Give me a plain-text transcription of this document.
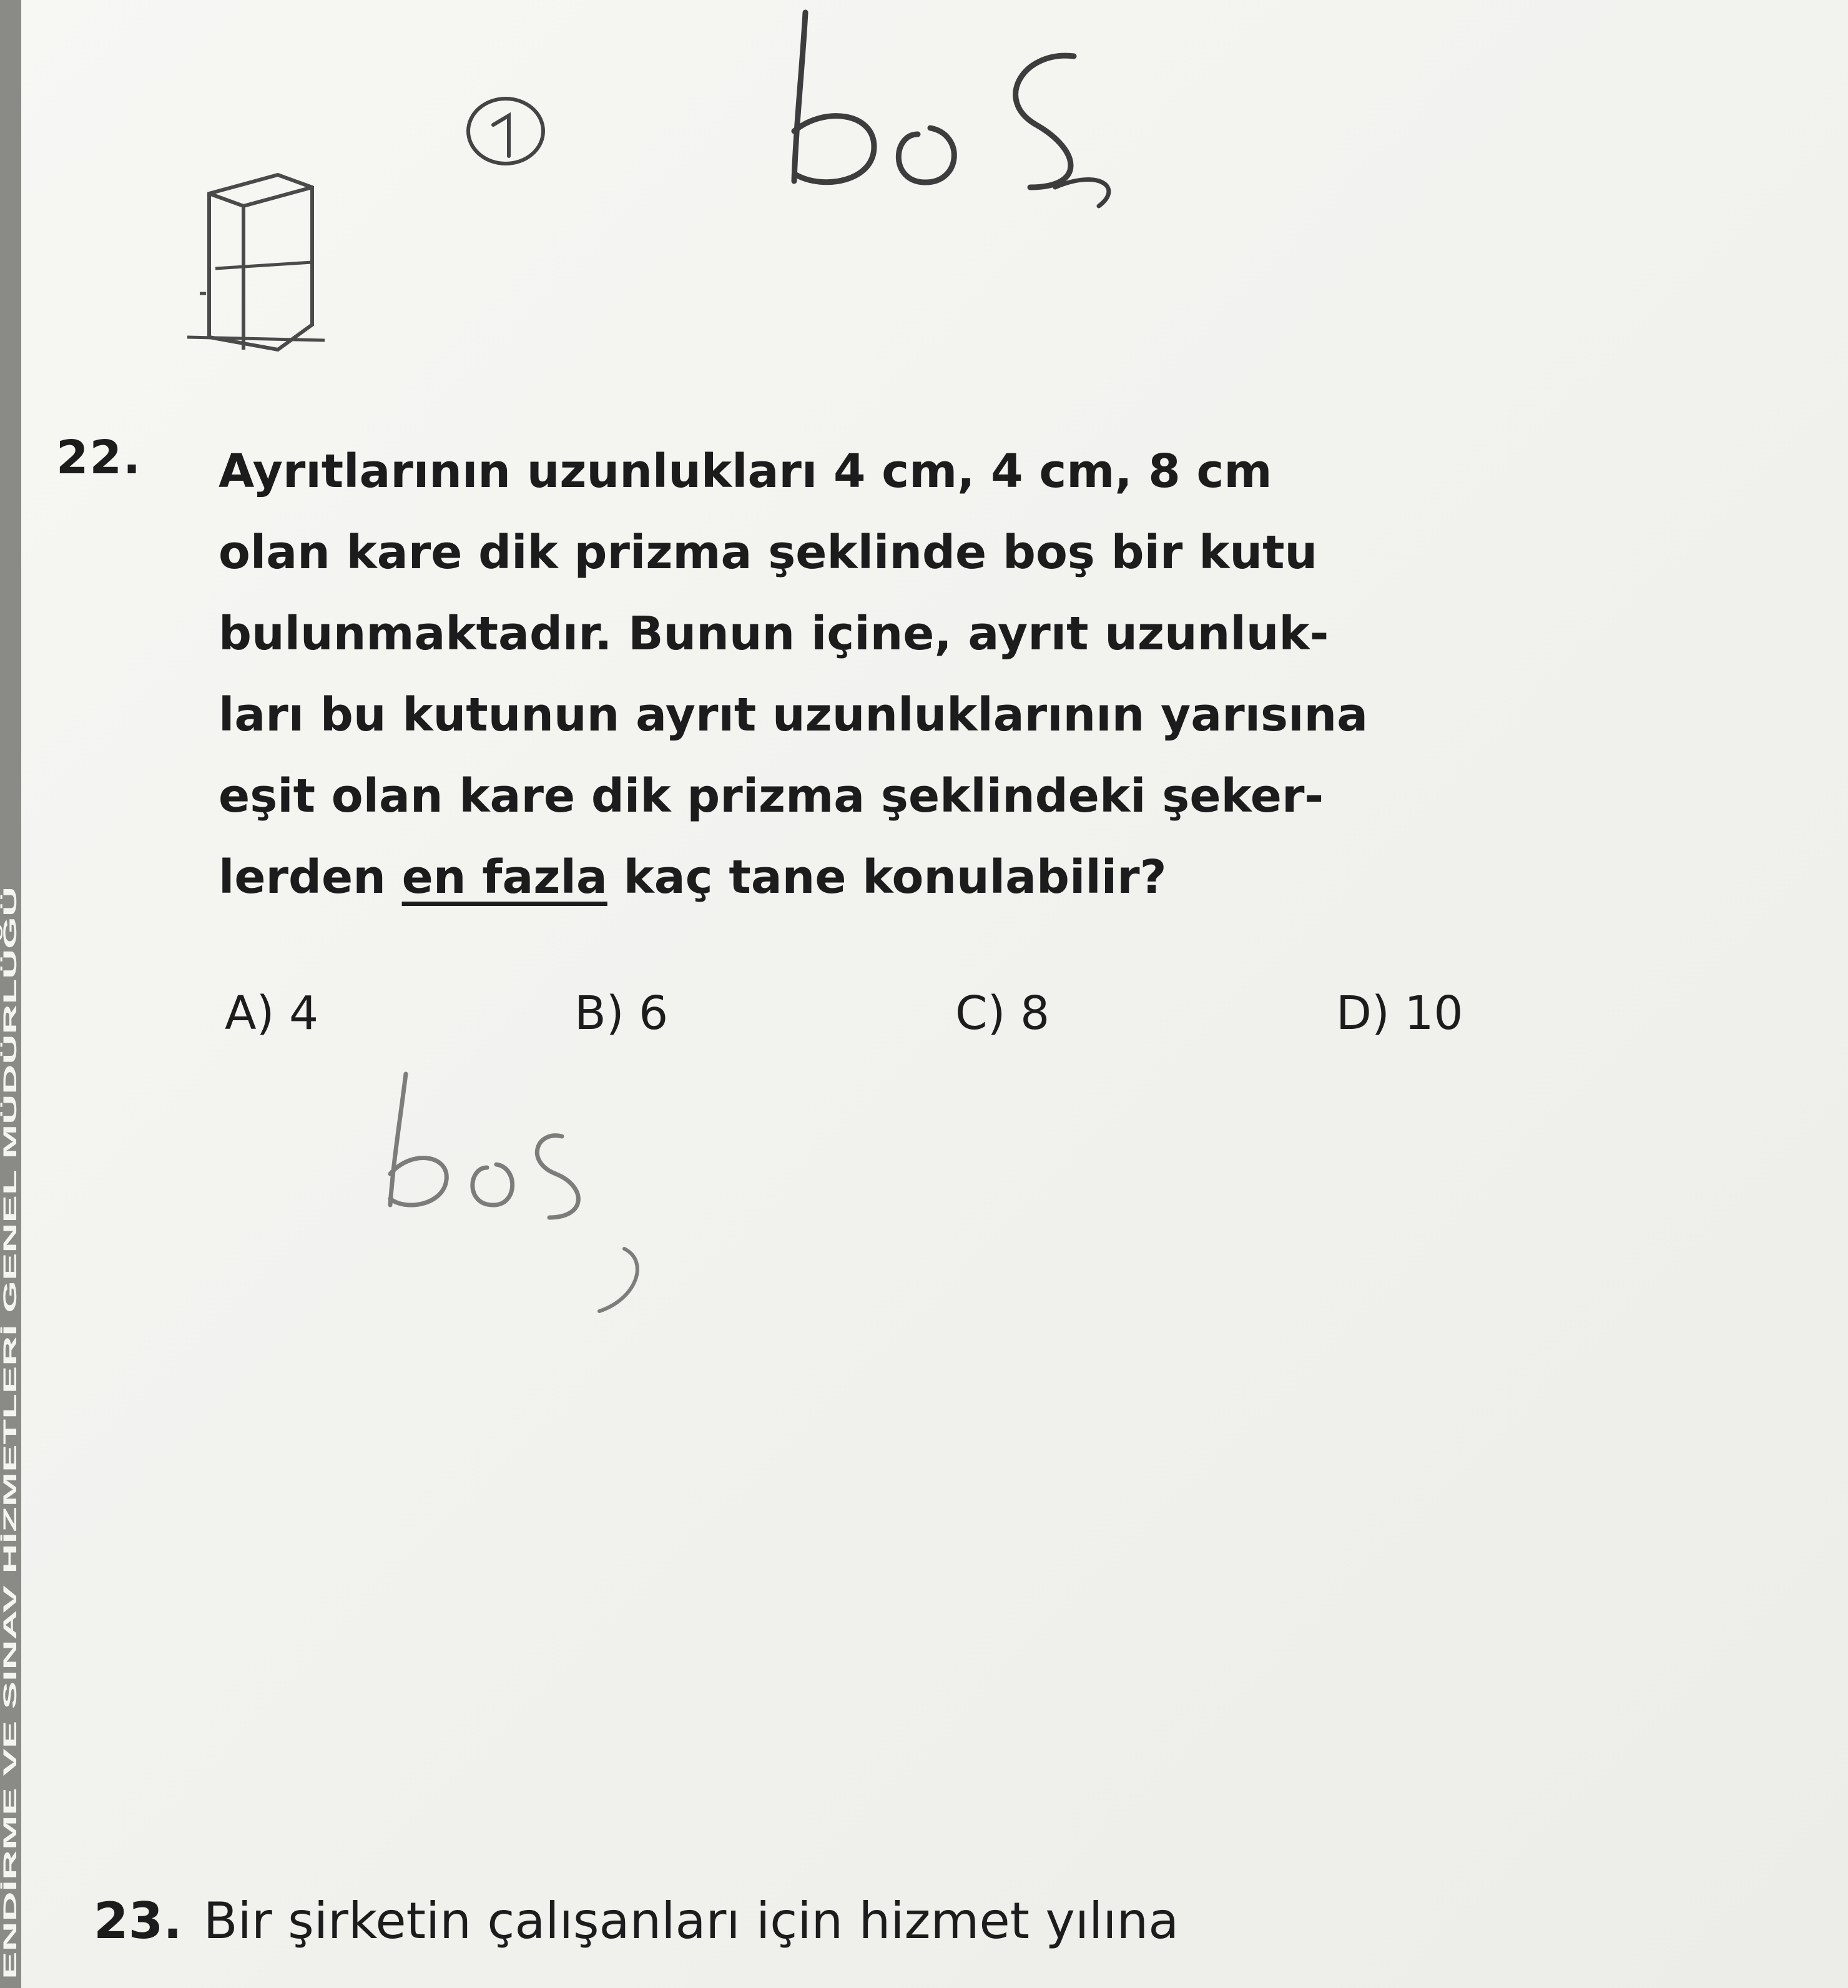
ENDİRME VE SINAV HİZMETLERİ GENEL MÜDÜRLÜĞÜ
22. Ayrıtlarının uzunlukları 4 cm, 4 cm, 8 cm
olan kare dik prizma şeklinde boş bir kutu
bulunmaktadır. Bunun içine, ayrıt uzunluk-
ları bu kutunun ayrıt uzunluklarının yarısına
eşit olan kare dik prizma şeklindeki şeker-
lerden en fazla kaç tane konulabilir?
A) 4	B) 6	C) 8	D) 10
23. Bir şirketin çalışanları için hizmet yılına
